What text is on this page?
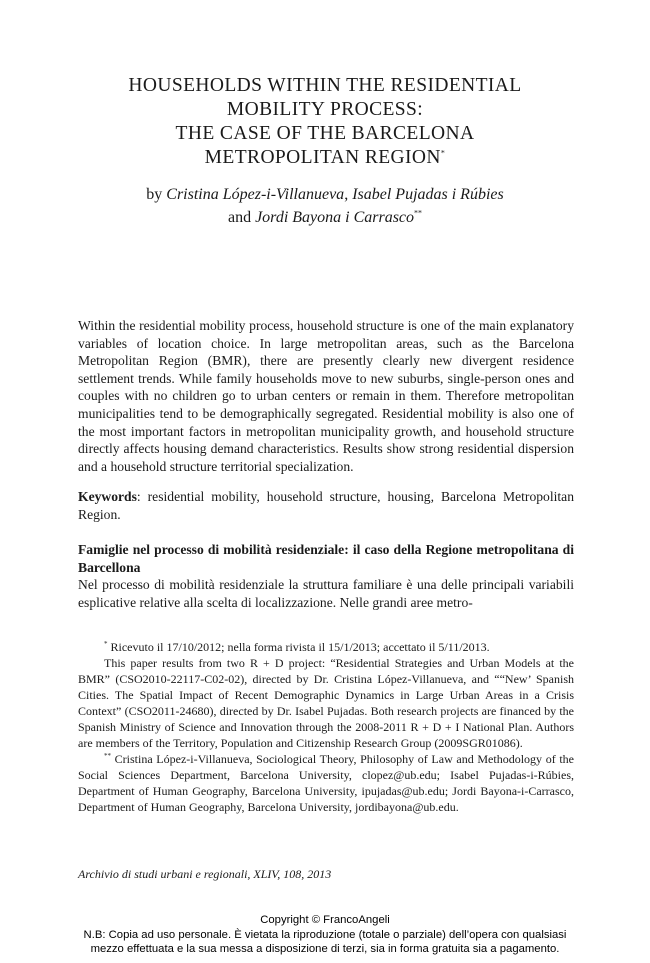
HOUSEHOLDS WITHIN THE RESIDENTIAL
MOBILITY PROCESS:
THE CASE OF THE BARCELONA
METROPOLITAN REGION*
by Cristina López-i-Villanueva, Isabel Pujadas i Rúbies
and Jordi Bayona i Carrasco**
Within the residential mobility process, household structure is one of the main explanatory variables of location choice. In large metropolitan areas, such as the Barcelona Metropolitan Region (BMR), there are presently clearly new divergent residence settlement trends. While family households move to new suburbs, single-person ones and couples with no children go to urban centers or remain in them. Therefore metropolitan municipalities tend to be demographically segregated. Residential mobility is also one of the most important factors in metropolitan municipality growth, and household structure directly affects housing demand characteristics. Results show strong residential dispersion and a household structure territorial specialization.
Keywords: residential mobility, household structure, housing, Barcelona Metropolitan Region.
Famiglie nel processo di mobilità residenziale: il caso della Regione metropolitana di Barcellona
Nel processo di mobilità residenziale la struttura familiare è una delle principali variabili esplicative relative alla scelta di localizzazione. Nelle grandi aree metro-

* Ricevuto il 17/10/2012; nella forma rivista il 15/1/2013; accettato il 5/11/2013.

This paper results from two R + D project: “Residential Strategies and Urban Models at the BMR” (CSO2010-22117-C02-02), directed by Dr. Cristina López-Villanueva, and ““New’ Spanish Cities. The Spatial Impact of Recent Demographic Dynamics in Large Urban Areas in a Crisis Context” (CSO2011-24680), directed by Dr. Isabel Pujadas. Both research projects are financed by the Spanish Ministry of Science and Innovation through the 2008-2011 R + D + I National Plan. Authors are members of the Territory, Population and Citizenship Research Group (2009SGR01086).

** Cristina López-i-Villanueva, Sociological Theory, Philosophy of Law and Methodology of the Social Sciences Department, Barcelona University, clopez@ub.edu; Isabel Pujadas-i-Rúbies, Department of Human Geography, Barcelona University, ipujadas@ub.edu; Jordi Bayona-i-Carrasco, Department of Human Geography, Barcelona University, jordibayona@ub.edu.

Archivio di studi urbani e regionali, XLIV, 108, 2013
Copyright © FrancoAngeli
N.B: Copia ad uso personale. È vietata la riproduzione (totale o parziale) dell’opera con qualsiasi
mezzo effettuata e la sua messa a disposizione di terzi, sia in forma gratuita sia a pagamento.
